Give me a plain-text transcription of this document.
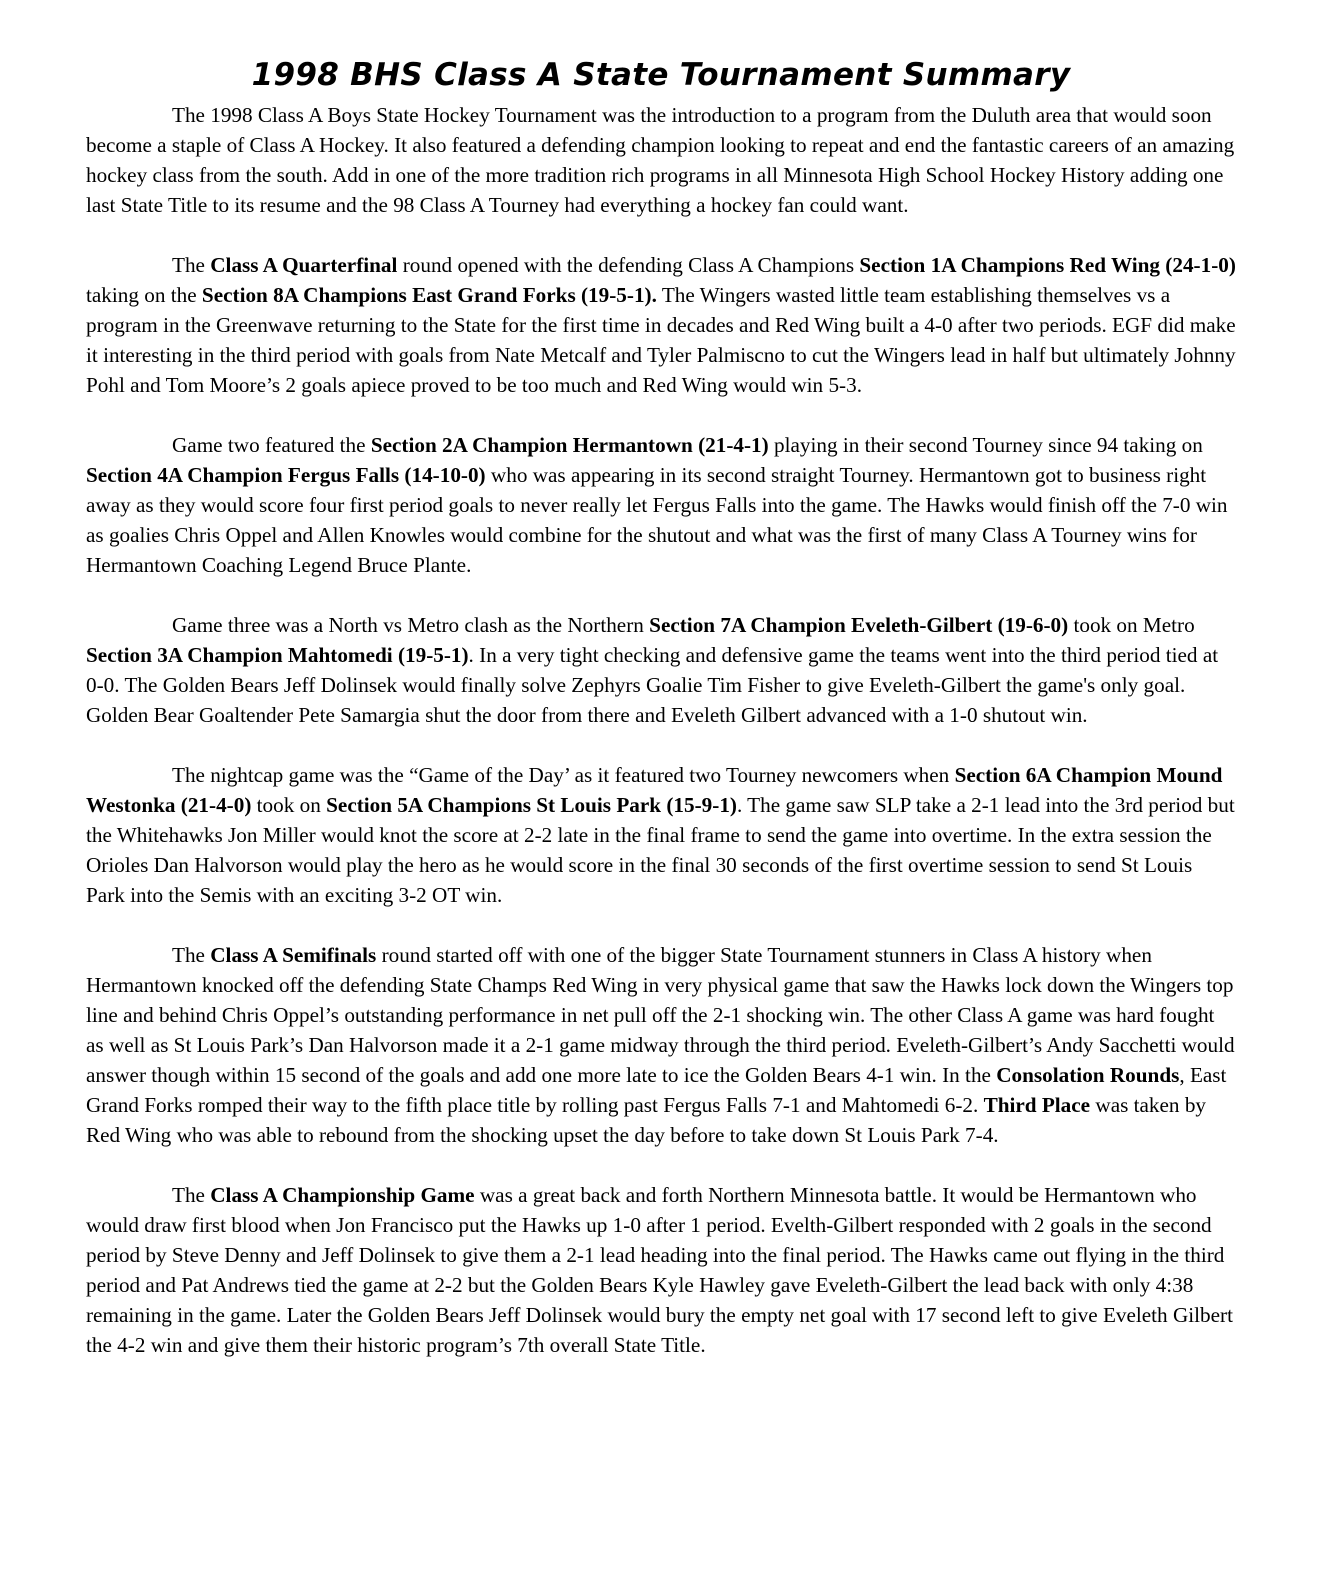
1998 BHS Class A State Tournament Summary

The 1998 Class A Boys State Hockey Tournament was the introduction to a program from the Duluth area that would soon become a staple of Class A Hockey. It also featured a defending champion looking to repeat and end the fantastic careers of an amazing hockey class from the south. Add in one of the more tradition rich programs in all Minnesota High School Hockey History adding one last State Title to its resume and the 98 Class A Tourney had everything a hockey fan could want.

The Class A Quarterfinal round opened with the defending Class A Champions Section 1A Champions Red Wing (24-1-0) taking on the Section 8A Champions East Grand Forks (19-5-1). The Wingers wasted little team establishing themselves vs a program in the Greenwave returning to the State for the first time in decades and Red Wing built a 4-0 after two periods. EGF did make it interesting in the third period with goals from Nate Metcalf and Tyler Palmiscno to cut the Wingers lead in half but ultimately Johnny Pohl and Tom Moore’s 2 goals apiece proved to be too much and Red Wing would win 5-3.

Game two featured the Section 2A Champion Hermantown (21-4-1) playing in their second Tourney since 94 taking on Section 4A Champion Fergus Falls (14-10-0) who was appearing in its second straight Tourney. Hermantown got to business right away as they would score four first period goals to never really let Fergus Falls into the game. The Hawks would finish off the 7-0 win as goalies Chris Oppel and Allen Knowles would combine for the shutout and what was the first of many Class A Tourney wins for Hermantown Coaching Legend Bruce Plante.

Game three was a North vs Metro clash as the Northern Section 7A Champion Eveleth-Gilbert (19-6-0) took on Metro Section 3A Champion Mahtomedi (19-5-1). In a very tight checking and defensive game the teams went into the third period tied at 0-0. The Golden Bears Jeff Dolinsek would finally solve Zephyrs Goalie Tim Fisher to give Eveleth-Gilbert the game's only goal. Golden Bear Goaltender Pete Samargia shut the door from there and Eveleth Gilbert advanced with a 1-0 shutout win.

The nightcap game was the “Game of the Day’ as it featured two Tourney newcomers when Section 6A Champion Mound Westonka (21-4-0) took on Section 5A Champions St Louis Park (15-9-1). The game saw SLP take a 2-1 lead into the 3rd period but the Whitehawks Jon Miller would knot the score at 2-2 late in the final frame to send the game into overtime. In the extra session the Orioles Dan Halvorson would play the hero as he would score in the final 30 seconds of the first overtime session to send St Louis Park into the Semis with an exciting 3-2 OT win.

The Class A Semifinals round started off with one of the bigger State Tournament stunners in Class A history when Hermantown knocked off the defending State Champs Red Wing in very physical game that saw the Hawks lock down the Wingers top line and behind Chris Oppel’s outstanding performance in net pull off the 2-1 shocking win. The other Class A game was hard fought as well as St Louis Park’s Dan Halvorson made it a 2-1 game midway through the third period. Eveleth-Gilbert’s Andy Sacchetti would answer though within 15 second of the goals and add one more late to ice the Golden Bears 4-1 win. In the Consolation Rounds, East Grand Forks romped their way to the fifth place title by rolling past Fergus Falls 7-1 and Mahtomedi 6-2. Third Place was taken by Red Wing who was able to rebound from the shocking upset the day before to take down St Louis Park 7-4.

The Class A Championship Game was a great back and forth Northern Minnesota battle. It would be Hermantown who would draw first blood when Jon Francisco put the Hawks up 1-0 after 1 period. Evelth-Gilbert responded with 2 goals in the second period by Steve Denny and Jeff Dolinsek to give them a 2-1 lead heading into the final period. The Hawks came out flying in the third period and Pat Andrews tied the game at 2-2 but the Golden Bears Kyle Hawley gave Eveleth-Gilbert the lead back with only 4:38 remaining in the game. Later the Golden Bears Jeff Dolinsek would bury the empty net goal with 17 second left to give Eveleth Gilbert the 4-2 win and give them their historic program’s 7th overall State Title.
